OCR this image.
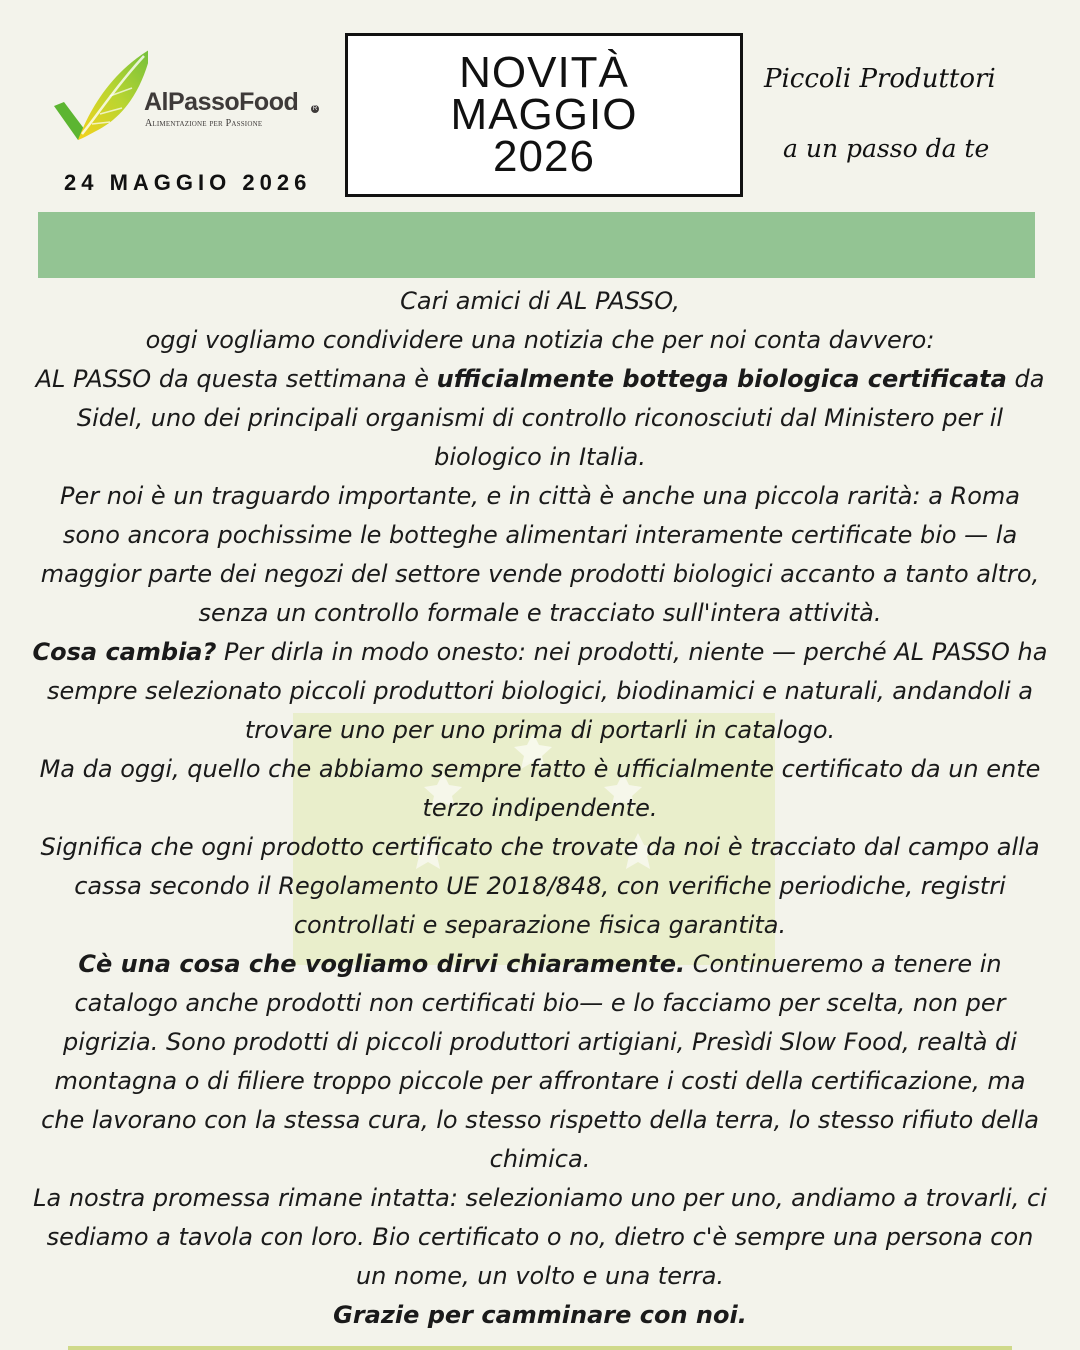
AlPassoFood	R
Alimentazione per Passione
24 MAGGIO 2026
NOVITÀ
MAGGIO
2026
Piccoli Produttori
a un passo da te

Cari amici di AL PASSO,

oggi vogliamo condividere una notizia che per noi conta davvero:

AL PASSO da questa settimana è ufficialmente bottega biologica certificata da Sidel, uno dei principali organismi di controllo riconosciuti dal Ministero per il biologico in Italia.

Per noi è un traguardo importante, e in città è anche una piccola rarità: a Roma sono ancora pochissime le botteghe alimentari interamente certificate bio — la maggior parte dei negozi del settore vende prodotti biologici accanto a tanto altro, senza un controllo formale e tracciato sull'intera attività.

Cosa cambia? Per dirla in modo onesto: nei prodotti, niente — perché AL PASSO ha sempre selezionato piccoli produttori biologici, biodinamici e naturali, andandoli a trovare uno per uno prima di portarli in catalogo.

Ma da oggi, quello che abbiamo sempre fatto è ufficialmente certificato da un ente terzo indipendente.

Significa che ogni prodotto certificato che trovate da noi è tracciato dal campo alla cassa secondo il Regolamento UE 2018/848, con verifiche periodiche, registri controllati e separazione fisica garantita.

Cè una cosa che vogliamo dirvi chiaramente. Continueremo a tenere in catalogo anche prodotti non certificati bio— e lo facciamo per scelta, non per pigrizia. Sono prodotti di piccoli produttori artigiani, Presìdi Slow Food, realtà di montagna o di filiere troppo piccole per affrontare i costi della certificazione, ma che lavorano con la stessa cura, lo stesso rispetto della terra, lo stesso rifiuto della chimica.

La nostra promessa rimane intatta: selezioniamo uno per uno, andiamo a trovarli, ci sediamo a tavola con loro. Bio certificato o no, dietro c'è sempre una persona con un nome, un volto e una terra.

Grazie per camminare con noi.
